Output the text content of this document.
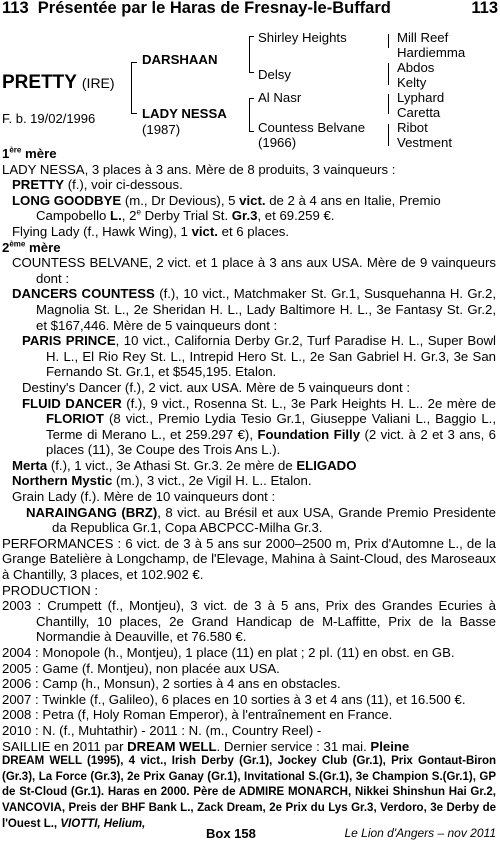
113 Présentée par le Haras de Fresnay-le-Buffard	113
PRETTY (IRE)
F. b. 19/02/1996
DARSHAAN
LADY NESSA
(1987)
Shirley Heights
Delsy
Al Nasr
Countess Belvane
(1966)
Mill Reef
Hardiemma
Abdos
Kelty
Lyphard
Caretta
Ribot
Vestment

1ère mère

LADY NESSA, 3 places à 3 ans. Mère de 8 produits, 3 vainqueurs :

PRETTY (f.), voir ci-dessous.

LONG GOODBYE (m., Dr Devious), 5 vict. de 2 à 4 ans en Italie, Premio Campobello L., 2e Derby Trial St. Gr.3, et 69.259 €.

Flying Lady (f., Hawk Wing), 1 vict. et 6 places.

2ème mère

COUNTESS BELVANE, 2 vict. et 1 place à 3 ans aux USA. Mère de 9 vainqueurs dont :

DANCERS COUNTESS (f.), 10 vict., Matchmaker St. Gr.1, Susquehanna H. Gr.2, Magnolia St. L., 2e Sheridan H. L., Lady Baltimore H. L., 3e Fantasy St. Gr.2, et $167,446. Mère de 5 vainqueurs dont :

PARIS PRINCE, 10 vict., California Derby Gr.2, Turf Paradise H. L., Super Bowl H. L., El Rio Rey St. L., Intrepid Hero St. L., 2e San Gabriel H. Gr.3, 3e San Fernando St. Gr.1, et $545,195. Etalon.

Destiny's Dancer (f.), 2 vict. aux USA. Mère de 5 vainqueurs dont :

FLUID DANCER (f.), 9 vict., Rosenna St. L., 3e Park Heights H. L.. 2e mère de FLORIOT (8 vict., Premio Lydia Tesio Gr.1, Giuseppe Valiani L., Baggio L., Terme di Merano L., et 259.297 €), Foundation Filly (2 vict. à 2 et 3 ans, 6 places (11), 3e Coupe des Trois Ans L.).

Merta (f.), 1 vict., 3e Athasi St. Gr.3. 2e mère de ELIGADO

Northern Mystic (m.), 3 vict., 2e Vigil H. L.. Etalon.

Grain Lady (f.). Mère de 10 vainqueurs dont :

NARAINGANG (BRZ), 8 vict. au Brésil et aux USA, Grande Premio Presidente da Republica Gr.1, Copa ABCPCC-Milha Gr.3.

PERFORMANCES : 6 vict. de 3 à 5 ans sur 2000–2500 m, Prix d'Automne L., de la Grange Batelière à Longchamp, de l'Elevage, Mahina à Saint-Cloud, des Maroseaux à Chantilly, 3 places, et 102.902 €.

PRODUCTION :

2003 : Crumpett (f., Montjeu), 3 vict. de 3 à 5 ans, Prix des Grandes Ecuries à Chantilly, 10 places, 2e Grand Handicap de M-Laffitte, Prix de la Basse Normandie à Deauville, et 76.580 €.

2004 : Monopole (h., Montjeu), 1 place (11) en plat ; 2 pl. (11) en obst. en GB.

2005 : Game (f. Montjeu), non placée aux USA.

2006 : Camp (h., Monsun), 2 sorties à 4 ans en obstacles.

2007 : Twinkle (f., Galileo), 6 places en 10 sorties à 3 et 4 ans (11), et 16.500 €.

2008 : Petra (f, Holy Roman Emperor), à l'entraînement en France.

2010 : N. (f., Muhtathir) - 2011 : N. (m., Country Reel) -

SAILLIE en 2011 par DREAM WELL. Dernier service : 31 mai. Pleine

DREAM WELL (1995), 4 vict., Irish Derby (Gr.1), Jockey Club (Gr.1), Prix Gontaut-Biron (Gr.3), La Force (Gr.3), 2e Prix Ganay (Gr.1), Invitational S.(Gr.1), 3e Champion S.(Gr.1), GP de St-Cloud (Gr.1). Haras en 2000. Père de ADMIRE MONARCH, Nikkei Shinshun Hai Gr.2, VANCOVIA, Preis der BHF Bank L., Zack Dream, 2e Prix du Lys Gr.3, Verdoro, 3e Derby de l'Ouest L., VIOTTI, Helium,

Box 158	Le Lion d'Angers – nov 2011
